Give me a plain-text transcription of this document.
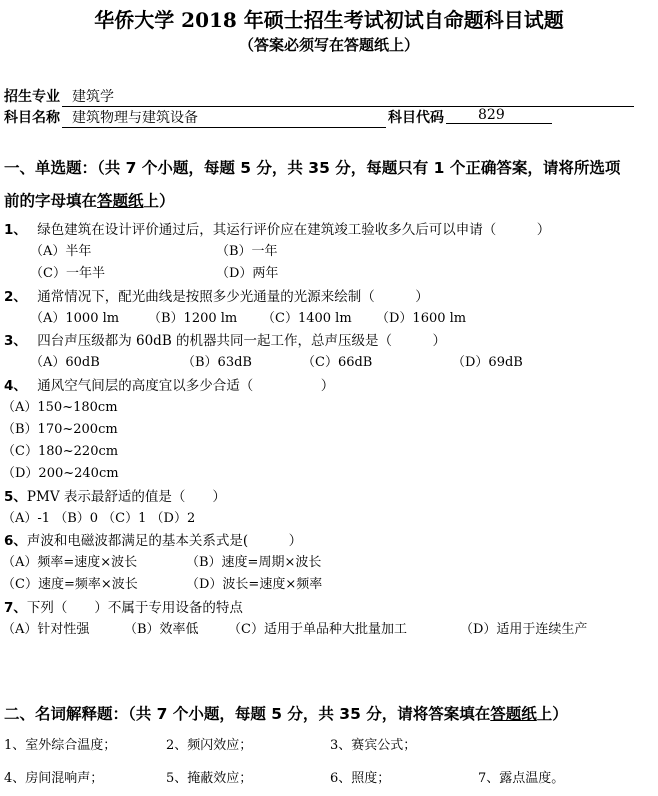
华侨大学 2018 年硕士招生考试初试自命题科目试题
（答案必须写在答题纸上）
招生专业 建筑学
科目名称 建筑物理与建筑设备	科目代码	829
一、单选题：（共 7 个小题，每题 5 分，共 35 分，每题只有 1 个正确答案，请将所选项
前的字母填在答题纸上）
1、 绿色建筑在设计评价通过后，其运行评价应在建筑竣工验收多久后可以申请（　　　）
（A）半年	（B）一年
（C）一年半	（D）两年
2、 通常情况下，配光曲线是按照多少光通量的光源来绘制（　　　）
（A）1000 lm （B）1200 lm （C）1400 lm （D）1600 lm
3、 四台声压级都为 60dB 的机器共同一起工作，总声压级是（　　　）
（A）60dB	（B）63dB	（C）66dB	（D）69dB
4、 通风空气间层的高度宜以多少合适（　　　　　）
（A）150~180cm
（B）170~200cm
（C）180~220cm
（D）200~240cm
5、PMV 表示最舒适的值是（　　）
（A）-1 （B）0 （C）1 （D）2
6、声波和电磁波都满足的基本关系式是(　　　）
（A）频率=速度×波长	（B）速度=周期×波长
（C）速度=频率×波长	（D）波长=速度×频率
7、下列（　　）不属于专用设备的特点
（A）针对性强	（B）效率低 （C）适用于单品种大批量加工	（D）适用于连续生产
二、名词解释题：（共 7 个小题，每题 5 分，共 35 分，请将答案填在答题纸上）
1、室外综合温度；	2、频闪效应；	3、赛宾公式；
4、房间混响声；	5、掩蔽效应；	6、照度；	7、露点温度。
